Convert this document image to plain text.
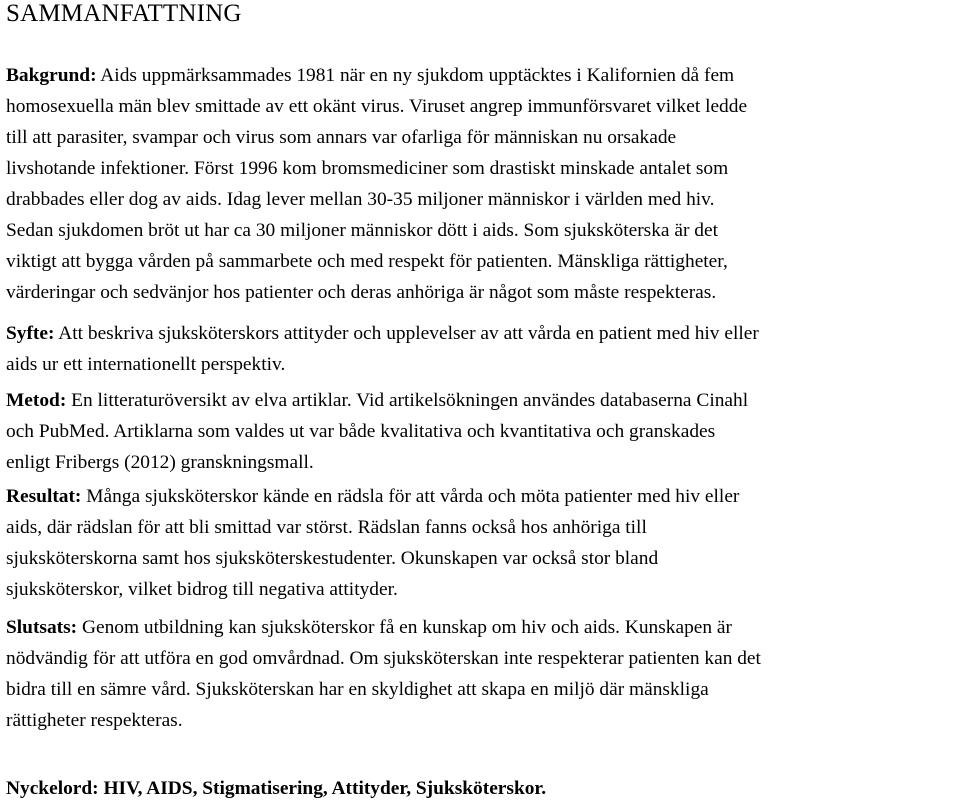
SAMMANFATTNING
Bakgrund: Aids uppmärksammades 1981 när en ny sjukdom upptäcktes i Kalifornien då fem
homosexuella män blev smittade av ett okänt virus. Viruset angrep immunförsvaret vilket ledde
till att parasiter, svampar och virus som annars var ofarliga för människan nu orsakade
livshotande infektioner. Först 1996 kom bromsmediciner som drastiskt minskade antalet som
drabbades eller dog av aids. Idag lever mellan 30-35 miljoner människor i världen med hiv.
Sedan sjukdomen bröt ut har ca 30 miljoner människor dött i aids. Som sjuksköterska är det
viktigt att bygga vården på sammarbete och med respekt för patienten. Mänskliga rättigheter,
värderingar och sedvänjor hos patienter och deras anhöriga är något som måste respekteras.
Syfte: Att beskriva sjuksköterskors attityder och upplevelser av att vårda en patient med hiv eller
aids ur ett internationellt perspektiv.
Metod: En litteraturöversikt av elva artiklar. Vid artikelsökningen användes databaserna Cinahl
och PubMed. Artiklarna som valdes ut var både kvalitativa och kvantitativa och granskades
enligt Fribergs (2012) granskningsmall.
Resultat: Många sjuksköterskor kände en rädsla för att vårda och möta patienter med hiv eller
aids, där rädslan för att bli smittad var störst. Rädslan fanns också hos anhöriga till
sjuksköterskorna samt hos sjuksköterskestudenter. Okunskapen var också stor bland
sjuksköterskor, vilket bidrog till negativa attityder.
Slutsats: Genom utbildning kan sjuksköterskor få en kunskap om hiv och aids. Kunskapen är
nödvändig för att utföra en god omvårdnad. Om sjuksköterskan inte respekterar patienten kan det
bidra till en sämre vård. Sjuksköterskan har en skyldighet att skapa en miljö där mänskliga
rättigheter respekteras.
Nyckelord: HIV, AIDS, Stigmatisering, Attityder, Sjuksköterskor.
